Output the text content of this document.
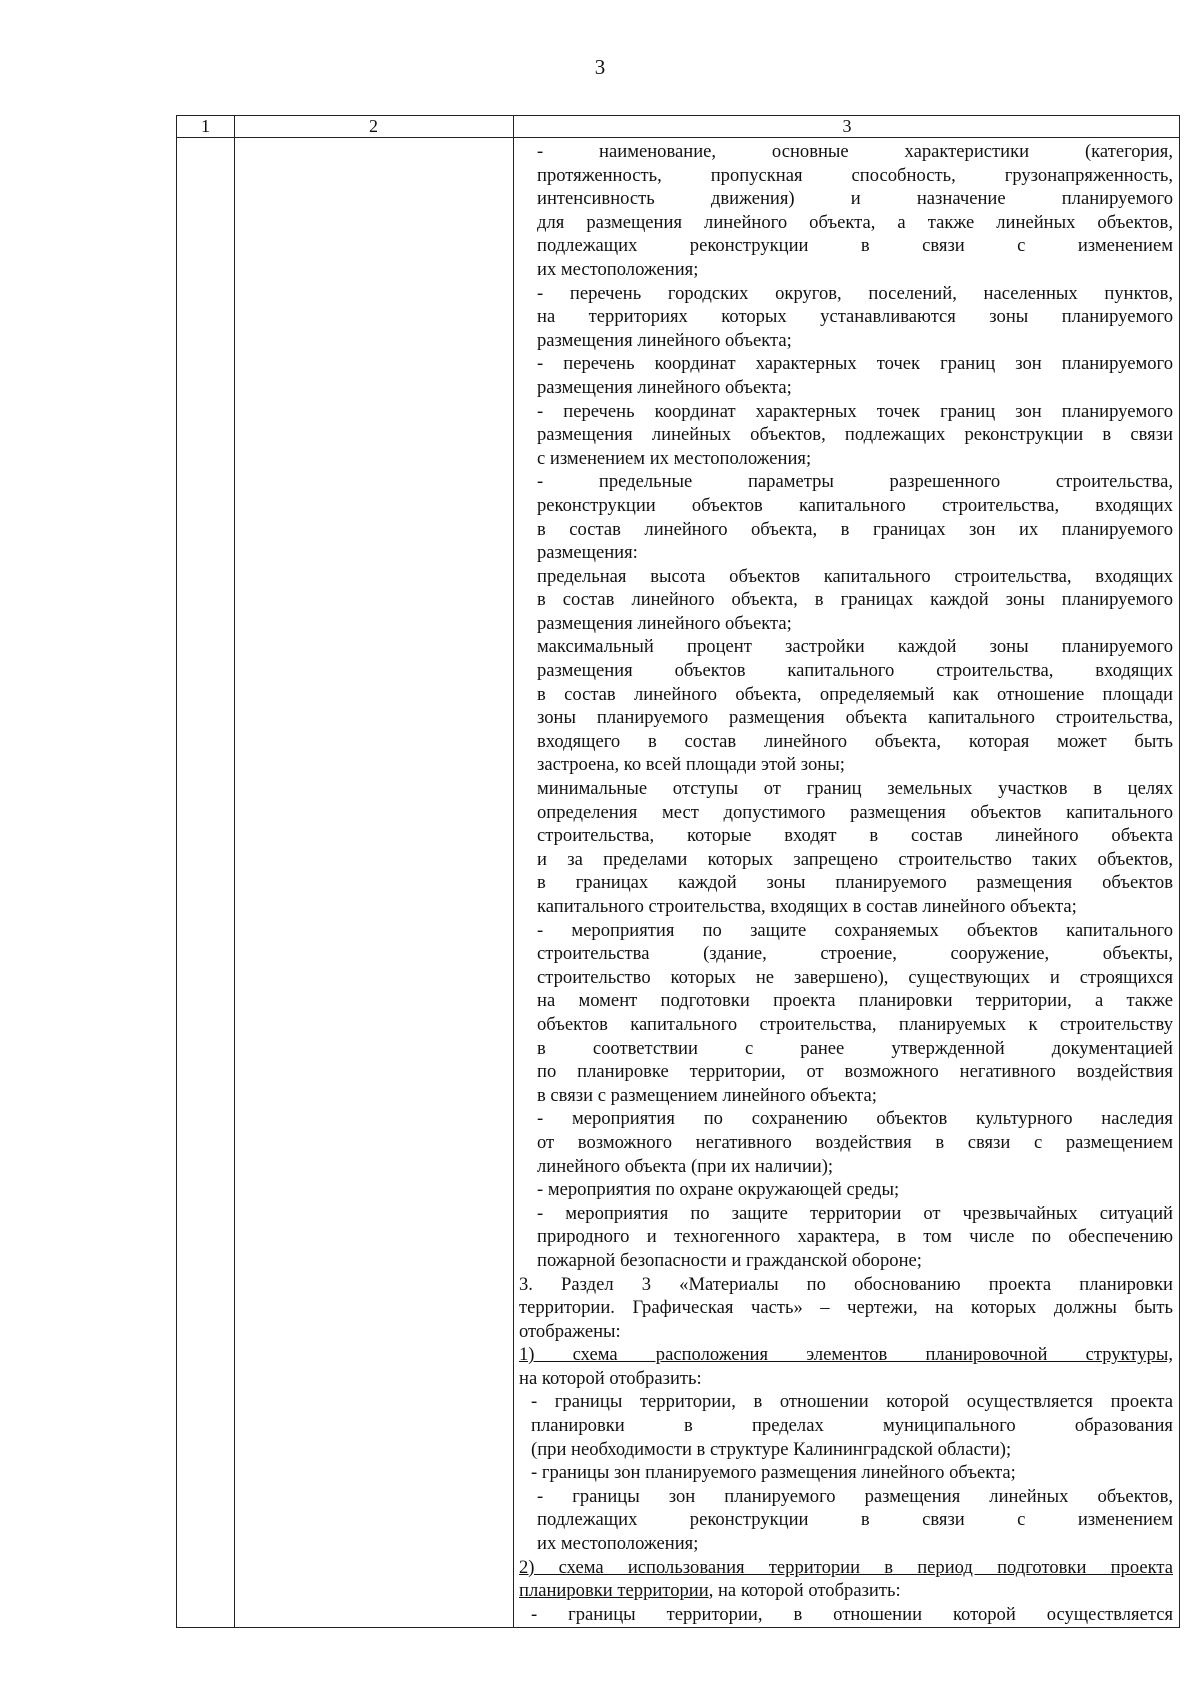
3
1	2	3
- наименование, основные характеристики (категория,
протяженность, пропускная способность, грузонапряженность,
интенсивность движения) и назначение планируемого
для размещения линейного объекта, а также линейных объектов,
подлежащих реконструкции в связи с изменением
их местоположения;
- перечень городских округов, поселений, населенных пунктов,
на территориях которых устанавливаются зоны планируемого
размещения линейного объекта;
- перечень координат характерных точек границ зон планируемого
размещения линейного объекта;
- перечень координат характерных точек границ зон планируемого
размещения линейных объектов, подлежащих реконструкции в связи
с изменением их местоположения;
- предельные параметры разрешенного строительства,
реконструкции объектов капитального строительства, входящих
в состав линейного объекта, в границах зон их планируемого
размещения:
предельная высота объектов капитального строительства, входящих
в состав линейного объекта, в границах каждой зоны планируемого
размещения линейного объекта;
максимальный процент застройки каждой зоны планируемого
размещения объектов капитального строительства, входящих
в состав линейного объекта, определяемый как отношение площади
зоны планируемого размещения объекта капитального строительства,
входящего в состав линейного объекта, которая может быть
застроена, ко всей площади этой зоны;
минимальные отступы от границ земельных участков в целях
определения мест допустимого размещения объектов капитального
строительства, которые входят в состав линейного объекта
и за пределами которых запрещено строительство таких объектов,
в границах каждой зоны планируемого размещения объектов
капитального строительства, входящих в состав линейного объекта;
- мероприятия по защите сохраняемых объектов капитального
строительства (здание, строение, сооружение, объекты,
строительство которых не завершено), существующих и строящихся
на момент подготовки проекта планировки территории, а также
объектов капитального строительства, планируемых к строительству
в соответствии с ранее утвержденной документацией
по планировке территории, от возможного негативного воздействия
в связи с размещением линейного объекта;
- мероприятия по сохранению объектов культурного наследия
от возможного негативного воздействия в связи с размещением
линейного объекта (при их наличии);
- мероприятия по охране окружающей среды;
- мероприятия по защите территории от чрезвычайных ситуаций
природного и техногенного характера, в том числе по обеспечению
пожарной безопасности и гражданской обороне;
3. Раздел 3 «Материалы по обоснованию проекта планировки
территории. Графическая часть» – чертежи, на которых должны быть
отображены:
1) схема расположения элементов планировочной структуры,
на которой отобразить:
- границы территории, в отношении которой осуществляется проекта
планировки в пределах муниципального образования
(при необходимости в структуре Калининградской области);
- границы зон планируемого размещения линейного объекта;
- границы зон планируемого размещения линейных объектов,
подлежащих реконструкции в связи с изменением
их местоположения;
2) схема использования территории в период подготовки проекта
планировки территории, на которой отобразить:
- границы территории, в отношении которой осуществляется
